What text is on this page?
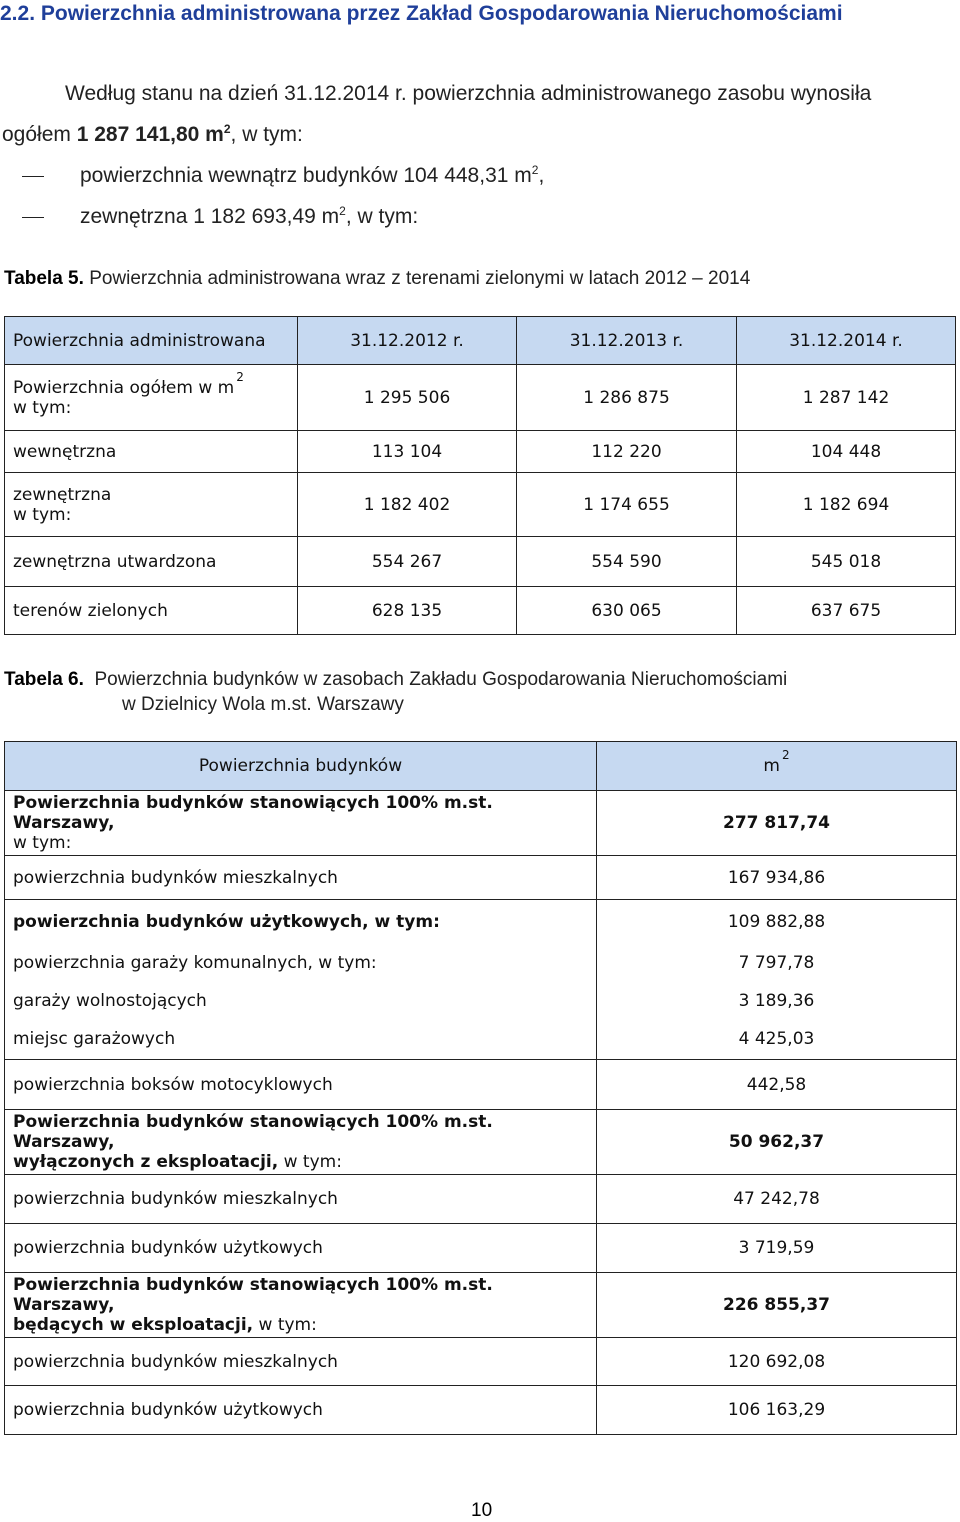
2.2. Powierzchnia administrowana przez Zakład Gospodarowania Nieruchomościami
Według stanu na dzień 31.12.2014 r. powierzchnia administrowanego zasobu wynosiła
ogółem 1 287 141,80 $m^2$, w tym:
powierzchnia wewnątrz budynków 104 448,31 $m^2$,
zewnętrzna 1 182 693,49 $m^2$, w tym:
Tabela 5. Powierzchnia administrowana wraz z terenami zielonymi w latach 2012 – 2014
Powierzchnia administrowana	31.12.2012 r.	31.12.2013 r.	31.12.2014 r.

Powierzchnia ogółem w $m^2$
w tym:	1 295 506	1 286 875	1 287 142
wewnętrzna	113 104	112 220	104 448

zewnętrzna
w tym:	1 182 402	1 174 655	1 182 694
zewnętrzna utwardzona	554 267	554 590	545 018
terenów zielonych	628 135	630 065	637 675
Tabela 6. Powierzchnia budynków w zasobach Zakładu Gospodarowania Nieruchomościami
w Dzielnicy Wola m.st. Warszawy
Powierzchnia budynków	$m^2$

Powierzchnia budynków stanowiących 100% m.st. Warszawy,
w tym:	277 817,74
powierzchnia budynków mieszkalnych	167 934,86
powierzchnia budynków użytkowych, w tym:	109 882,88
powierzchnia garaży komunalnych, w tym:	7 797,78
garaży wolnostojących	3 189,36
miejsc garażowych	4 425,03
powierzchnia boksów motocyklowych	442,58

Powierzchnia budynków stanowiących 100% m.st. Warszawy,
wyłączonych z eksploatacji, w tym:	50 962,37
powierzchnia budynków mieszkalnych	47 242,78
powierzchnia budynków użytkowych	3 719,59

Powierzchnia budynków stanowiących 100% m.st. Warszawy,
będących w eksploatacji, w tym:	226 855,37
powierzchnia budynków mieszkalnych	120 692,08
powierzchnia budynków użytkowych	106 163,29
10
